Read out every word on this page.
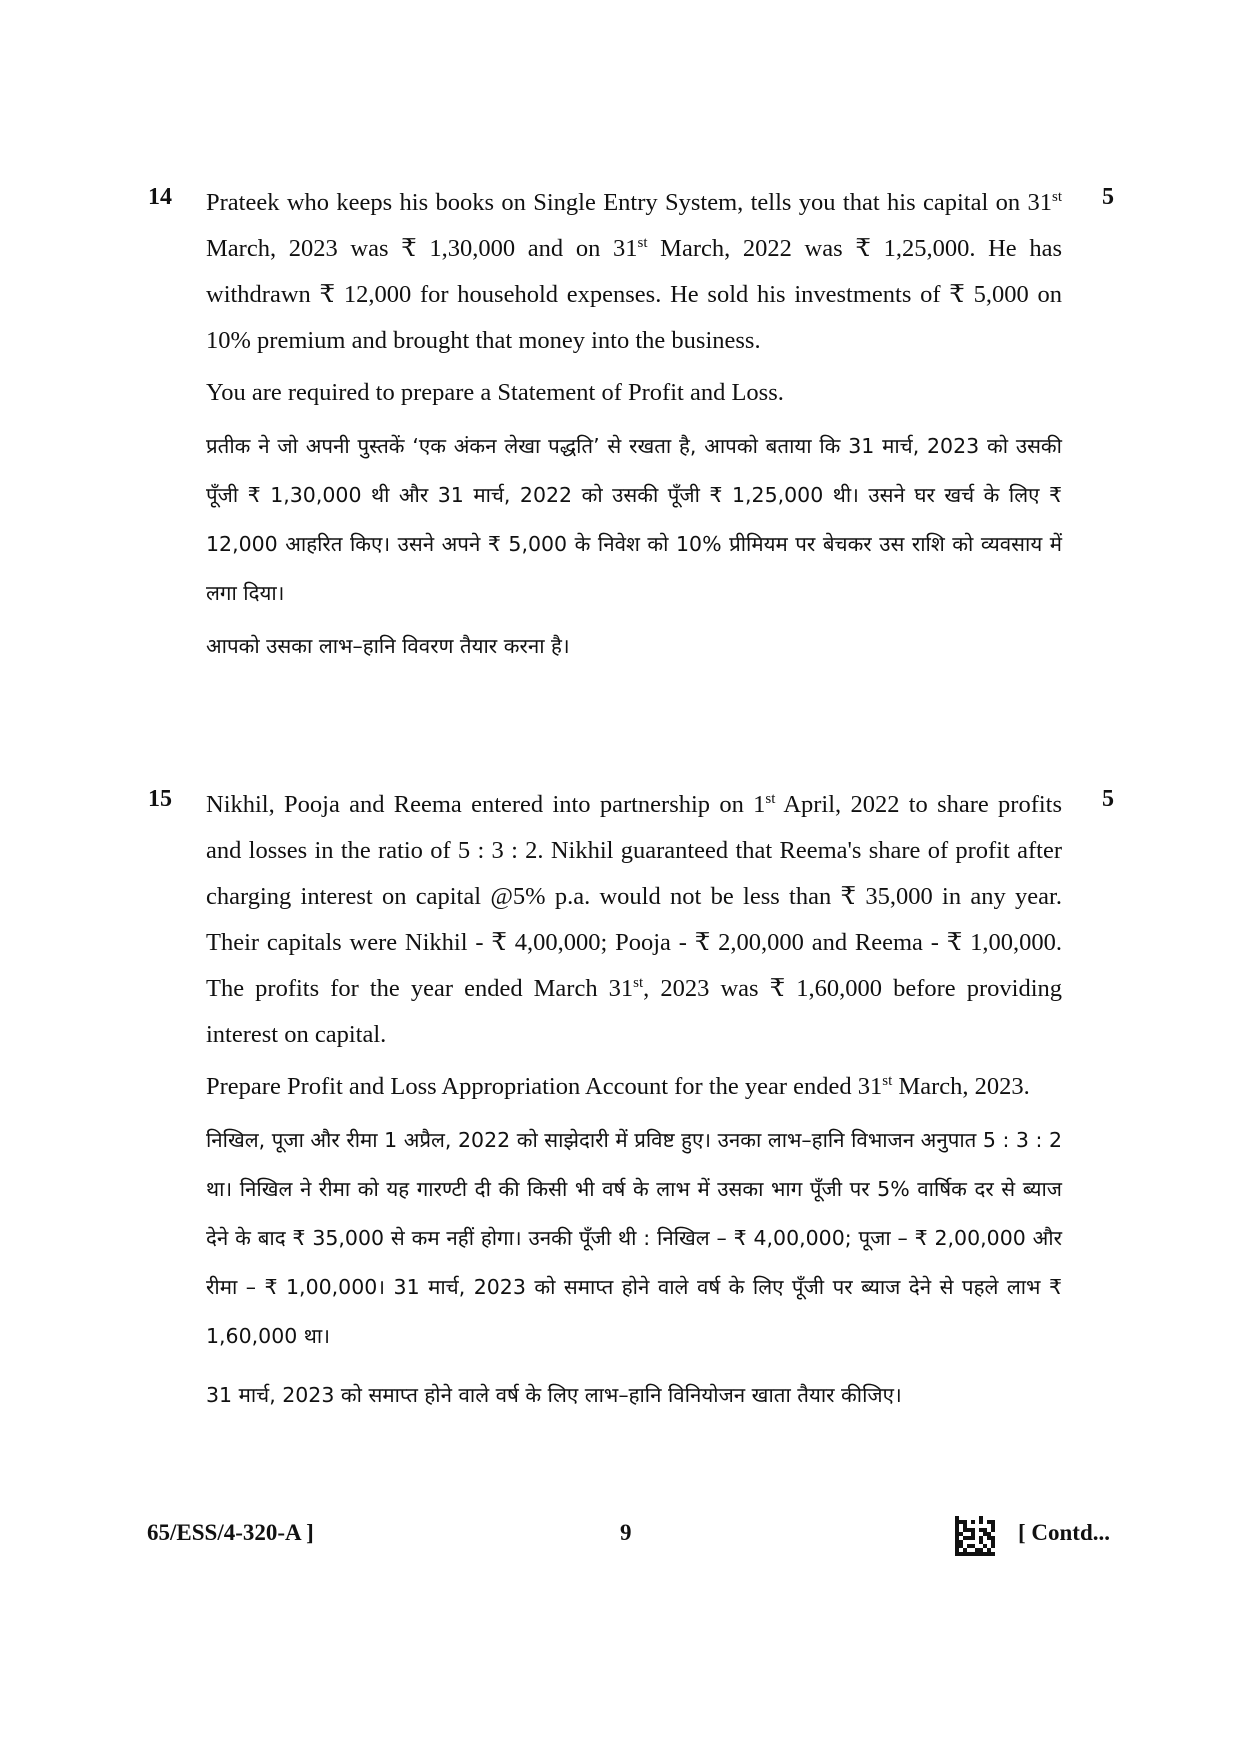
14	5

Prateek who keeps his books on Single Entry System, tells you that his capital on 31st March, 2023 was ₹ 1,30,000 and on 31st March, 2022 was ₹ 1,25,000. He has withdrawn ₹ 12,000 for household expenses. He sold his investments of ₹ 5,000 on 10% premium and brought that money into the business.

You are required to prepare a Statement of Profit and Loss.

प्रतीक ने जो अपनी पुस्तकें ‘एक अंकन लेखा पद्धति’ से रखता है, आपको बताया कि 31 मार्च, 2023 को उसकी पूँजी ₹ 1,30,000 थी और 31 मार्च, 2022 को उसकी पूँजी ₹ 1,25,000 थी। उसने घर खर्च के लिए ₹ 12,000 आहरित किए। उसने अपने ₹ 5,000 के निवेश को 10% प्रीमियम पर बेचकर उस राशि को व्यवसाय में लगा दिया।

आपको उसका लाभ–हानि विवरण तैयार करना है।

15	5

Nikhil, Pooja and Reema entered into partnership on 1st April, 2022 to share profits and losses in the ratio of 5 : 3 : 2. Nikhil guaranteed that Reema's share of profit after charging interest on capital @5% p.a. would not be less than ₹ 35,000 in any year. Their capitals were Nikhil - ₹ 4,00,000; Pooja - ₹ 2,00,000 and Reema - ₹ 1,00,000. The profits for the year ended March 31st, 2023 was ₹ 1,60,000 before providing interest on capital.

Prepare Profit and Loss Appropriation Account for the year ended 31st March, 2023.

निखिल, पूजा और रीमा 1 अप्रैल, 2022 को साझेदारी में प्रविष्ट हुए। उनका लाभ–हानि विभाजन अनुपात 5 : 3 : 2 था। निखिल ने रीमा को यह गारण्टी दी की किसी भी वर्ष के लाभ में उसका भाग पूँजी पर 5% वार्षिक दर से ब्याज देने के बाद ₹ 35,000 से कम नहीं होगा। उनकी पूँजी थी : निखिल – ₹ 4,00,000; पूजा – ₹ 2,00,000 और रीमा – ₹ 1,00,000। 31 मार्च, 2023 को समाप्त होने वाले वर्ष के लिए पूँजी पर ब्याज देने से पहले लाभ ₹ 1,60,000 था।

31 मार्च, 2023 को समाप्त होने वाले वर्ष के लिए लाभ–हानि विनियोजन खाता तैयार कीजिए।

65/ESS/4-320-A ]	9	[ Contd...
